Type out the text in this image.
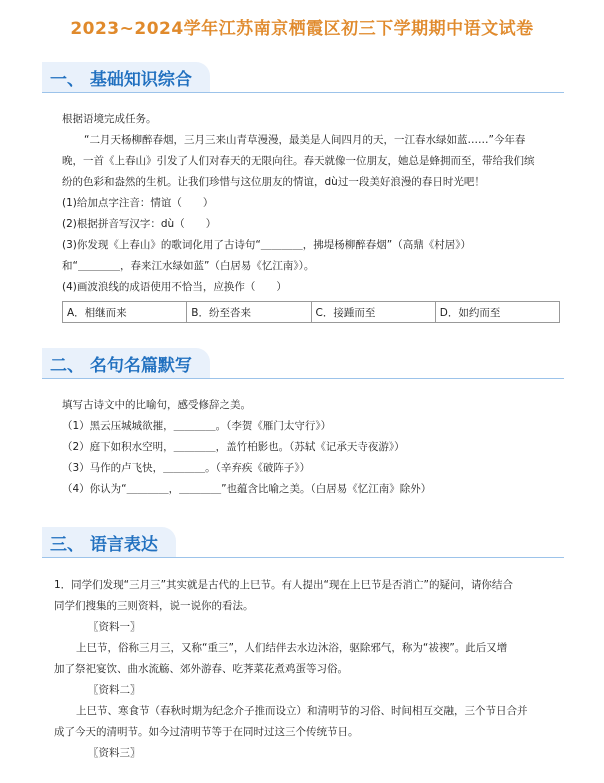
2023~2024学年江苏南京栖霞区初三下学期期中语文试卷
一、 基础知识综合

根据语境完成任务。

“二月天杨柳醉春烟，三月三来山青草漫漫，最美是人间四月的天，一江春水绿如蓝……”今年春

晚，一首《上春山》引发了人们对春天的无限向往。春天就像一位朋友，她总是蜂拥而至，带给我们缤

纷的色彩和盎然的生机。让我们珍惜与这位朋友的情谊，dù过一段美好浪漫的春日时光吧！

(1)给加点字注音：情谊（　　）

(2)根据拼音写汉字：dù（　　）

(3)你发现《上春山》的歌词化用了古诗句“＿＿＿＿，拂堤杨柳醉春烟”（高鼎《村居》）

和“＿＿＿＿，春来江水绿如蓝”（白居易《忆江南》）。

(4)画波浪线的成语使用不恰当，应换作（　　）

A．相继而来	B．纷至沓来	C．接踵而至	D．如约而至
二、 名句名篇默写

填写古诗文中的比喻句，感受修辞之美。

（1）黑云压城城欲摧，＿＿＿＿。（李贺《雁门太守行》）

（2）庭下如积水空明，＿＿＿＿，盖竹柏影也。（苏轼《记承天寺夜游》）

（3）马作的卢飞快，＿＿＿＿。（辛弃疾《破阵子》）

（4）你认为“＿＿＿＿，＿＿＿＿”也蕴含比喻之美。（白居易《忆江南》除外）

三、 语言表达

1．同学们发现“三月三”其实就是古代的上巳节。有人提出“现在上巳节是否消亡”的疑问，请你结合

同学们搜集的三则资料，说一说你的看法。

〖资料一〗

上巳节，俗称三月三，又称“重三”，人们结伴去水边沐浴，驱除邪气，称为“祓禊”。此后又增

加了祭祀宴饮、曲水流觞、郊外游春、吃荠菜花煮鸡蛋等习俗。

〖资料二〗

上巳节、寒食节（春秋时期为纪念介子推而设立）和清明节的习俗、时间相互交融，三个节日合并

成了今天的清明节。如今过清明节等于在同时过这三个传统节日。

〖资料三〗
